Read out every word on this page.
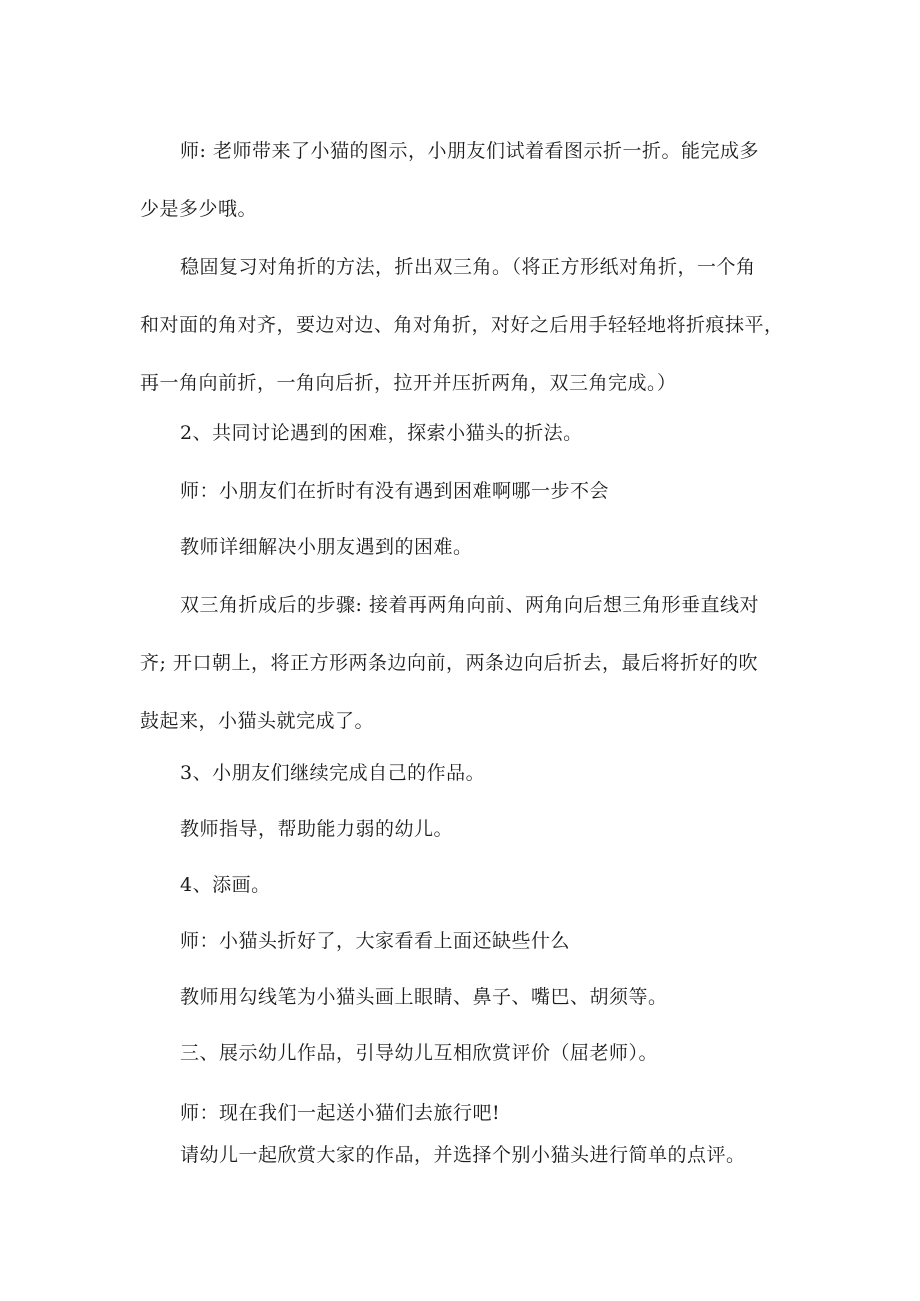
师: 老师带来了小猫的图示，小朋友们试着看图示折一折。能完成多
少是多少哦。

稳固复习对角折的方法，折出双三角。（将正方形纸对角折，一个角
和对面的角对齐，要边对边、角对角折，对好之后用手轻轻地将折痕抹平，
再一角向前折，一角向后折，拉开并压折两角，双三角完成。）

2、共同讨论遇到的困难，探索小猫头的折法。

师：小朋友们在折时有没有遇到困难啊哪一步不会

教师详细解决小朋友遇到的困难。

双三角折成后的步骤: 接着再两角向前、两角向后想三角形垂直线对
齐; 开口朝上，将正方形两条边向前，两条边向后折去，最后将折好的吹
鼓起来，小猫头就完成了。

3、小朋友们继续完成自己的作品。

教师指导，帮助能力弱的幼儿。

4、添画。

师：小猫头折好了，大家看看上面还缺些什么

教师用勾线笔为小猫头画上眼睛、鼻子、嘴巴、胡须等。

三、展示幼儿作品，引导幼儿互相欣赏评价（屈老师）。

师：现在我们一起送小猫们去旅行吧!

请幼儿一起欣赏大家的作品，并选择个别小猫头进行简单的点评。
